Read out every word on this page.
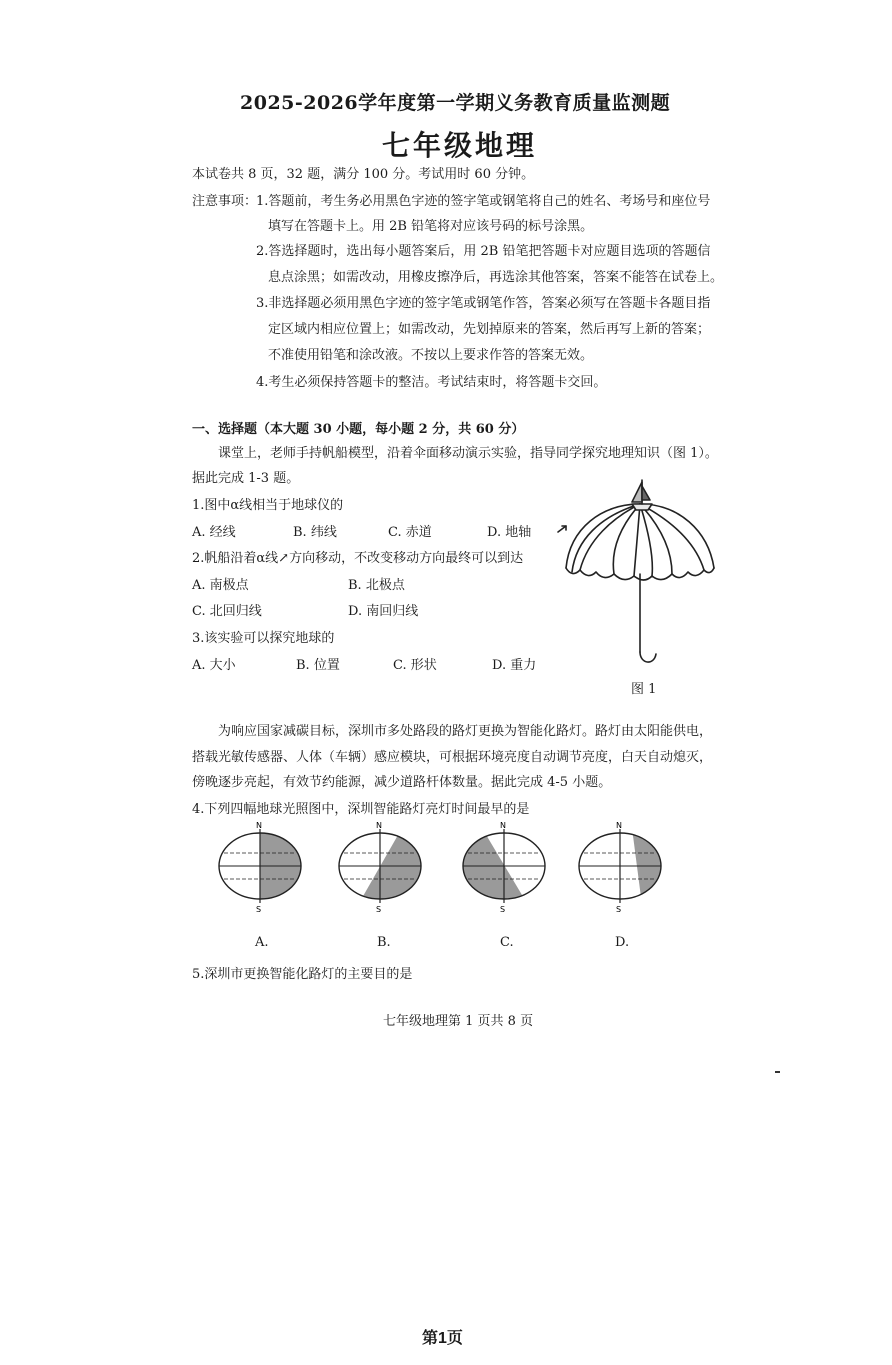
2025-2026学年度第一学期义务教育质量监测题
七年级地理
本试卷共 8 页，32 题，满分 100 分。考试用时 60 分钟。
注意事项：
1.答题前，考生务必用黑色字迹的签字笔或钢笔将自己的姓名、考场号和座位号
填写在答题卡上。用 2B 铅笔将对应该号码的标号涂黑。
2.答选择题时，选出每小题答案后，用 2B 铅笔把答题卡对应题目选项的答题信
息点涂黑；如需改动，用橡皮擦净后，再选涂其他答案，答案不能答在试卷上。
3.非选择题必须用黑色字迹的签字笔或钢笔作答，答案必须写在答题卡各题目指
定区域内相应位置上；如需改动，先划掉原来的答案，然后再写上新的答案；
不准使用铅笔和涂改液。不按以上要求作答的答案无效。
4.考生必须保持答题卡的整洁。考试结束时，将答题卡交回。
一、选择题（本大题 30 小题，每小题 2 分，共 60 分）
课堂上，老师手持帆船模型，沿着伞面移动演示实验，指导同学探究地理知识（图 1）。
据此完成 1-3 题。
1.图中α线相当于地球仪的
A. 经线	B. 纬线	C. 赤道	D. 地轴
2.帆船沿着α线↗方向移动，不改变移动方向最终可以到达
A. 南极点	B. 北极点
C. 北回归线	D. 南回归线
3.该实验可以探究地球的
A. 大小	B. 位置	C. 形状	D. 重力
图 1
为响应国家减碳目标，深圳市多处路段的路灯更换为智能化路灯。路灯由太阳能供电，
搭载光敏传感器、人体（车辆）感应模块，可根据环境亮度自动调节亮度，白天自动熄灭，
傍晚逐步亮起，有效节约能源，减少道路杆体数量。据此完成 4-5 小题。
4.下列四幅地球光照图中，深圳智能路灯亮灯时间最早的是
N
S
N
S
N
S
N
S
A.	B.	C.	D.
5.深圳市更换智能化路灯的主要目的是
七年级地理第 1 页共 8 页
第1页
